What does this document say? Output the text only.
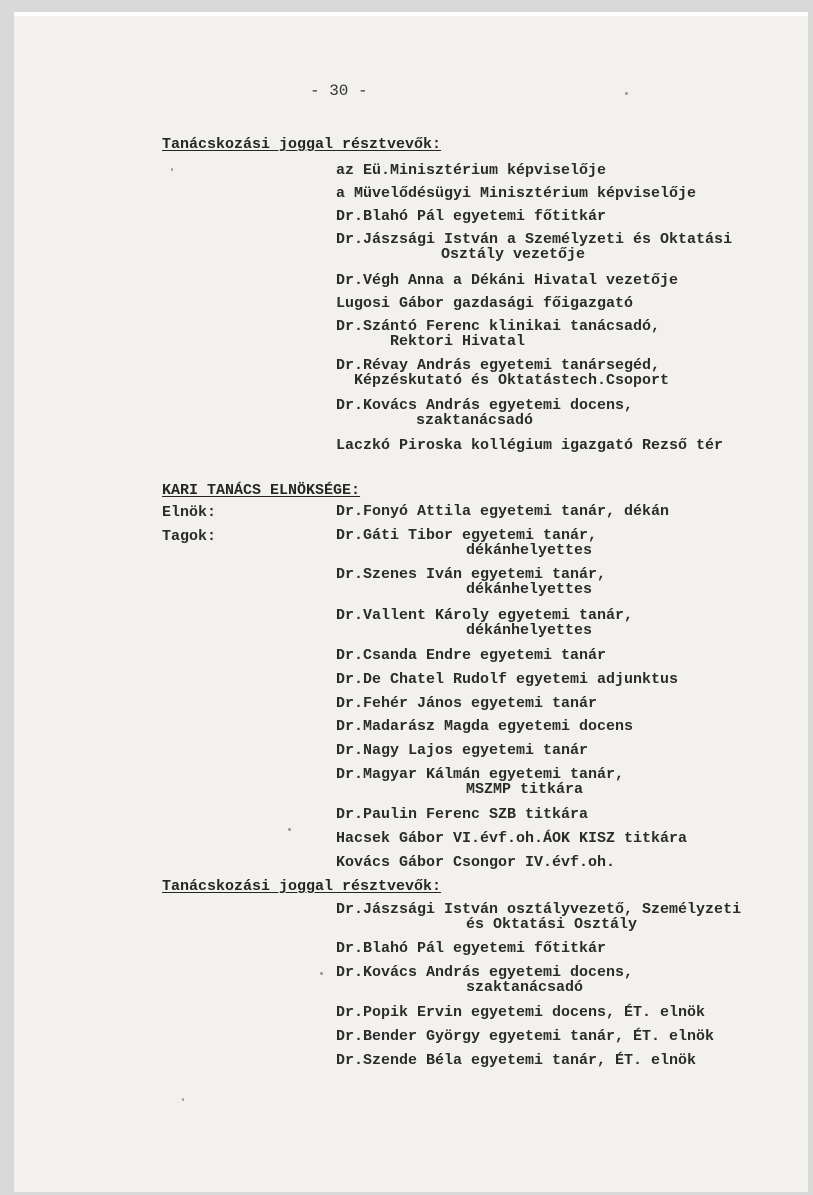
- 30 -
Tanácskozási joggal résztvevők:
az Eü.Minisztérium képviselője
a Müvelődésügyi Minisztérium képviselője
Dr.Blahó Pál egyetemi főtitkár
Dr.Jászsági István a Személyzeti és Oktatási
Osztály vezetője
Dr.Végh Anna a Dékáni Hivatal vezetője
Lugosi Gábor gazdasági főigazgató
Dr.Szántó Ferenc klinikai tanácsadó,
Rektori Hivatal
Dr.Révay András egyetemi tanársegéd,
Képzéskutató és Oktatástech.Csoport
Dr.Kovács András egyetemi docens,
szaktanácsadó
Laczkó Piroska kollégium igazgató Rezső tér
KARI TANÁCS ELNÖKSÉGE:
Elnök:
Tagok:
Dr.Fonyó Attila egyetemi tanár, dékán
Dr.Gáti Tibor egyetemi tanár,
dékánhelyettes
Dr.Szenes Iván egyetemi tanár,
dékánhelyettes
Dr.Vallent Károly egyetemi tanár,
dékánhelyettes
Dr.Csanda Endre egyetemi tanár
Dr.De Chatel Rudolf egyetemi adjunktus
Dr.Fehér János egyetemi tanár
Dr.Madarász Magda egyetemi docens
Dr.Nagy Lajos egyetemi tanár
Dr.Magyar Kálmán egyetemi tanár,
MSZMP titkára
Dr.Paulin Ferenc SZB titkára
Hacsek Gábor VI.évf.oh.ÁOK KISZ titkára
Kovács Gábor Csongor IV.évf.oh.
Tanácskozási joggal résztvevők:
Dr.Jászsági István osztályvezető, Személyzeti
és Oktatási Osztály
Dr.Blahó Pál egyetemi főtitkár
Dr.Kovács András egyetemi docens,
szaktanácsadó
Dr.Popik Ervin egyetemi docens, ÉT. elnök
Dr.Bender György egyetemi tanár, ÉT. elnök
Dr.Szende Béla egyetemi tanár, ÉT. elnök
